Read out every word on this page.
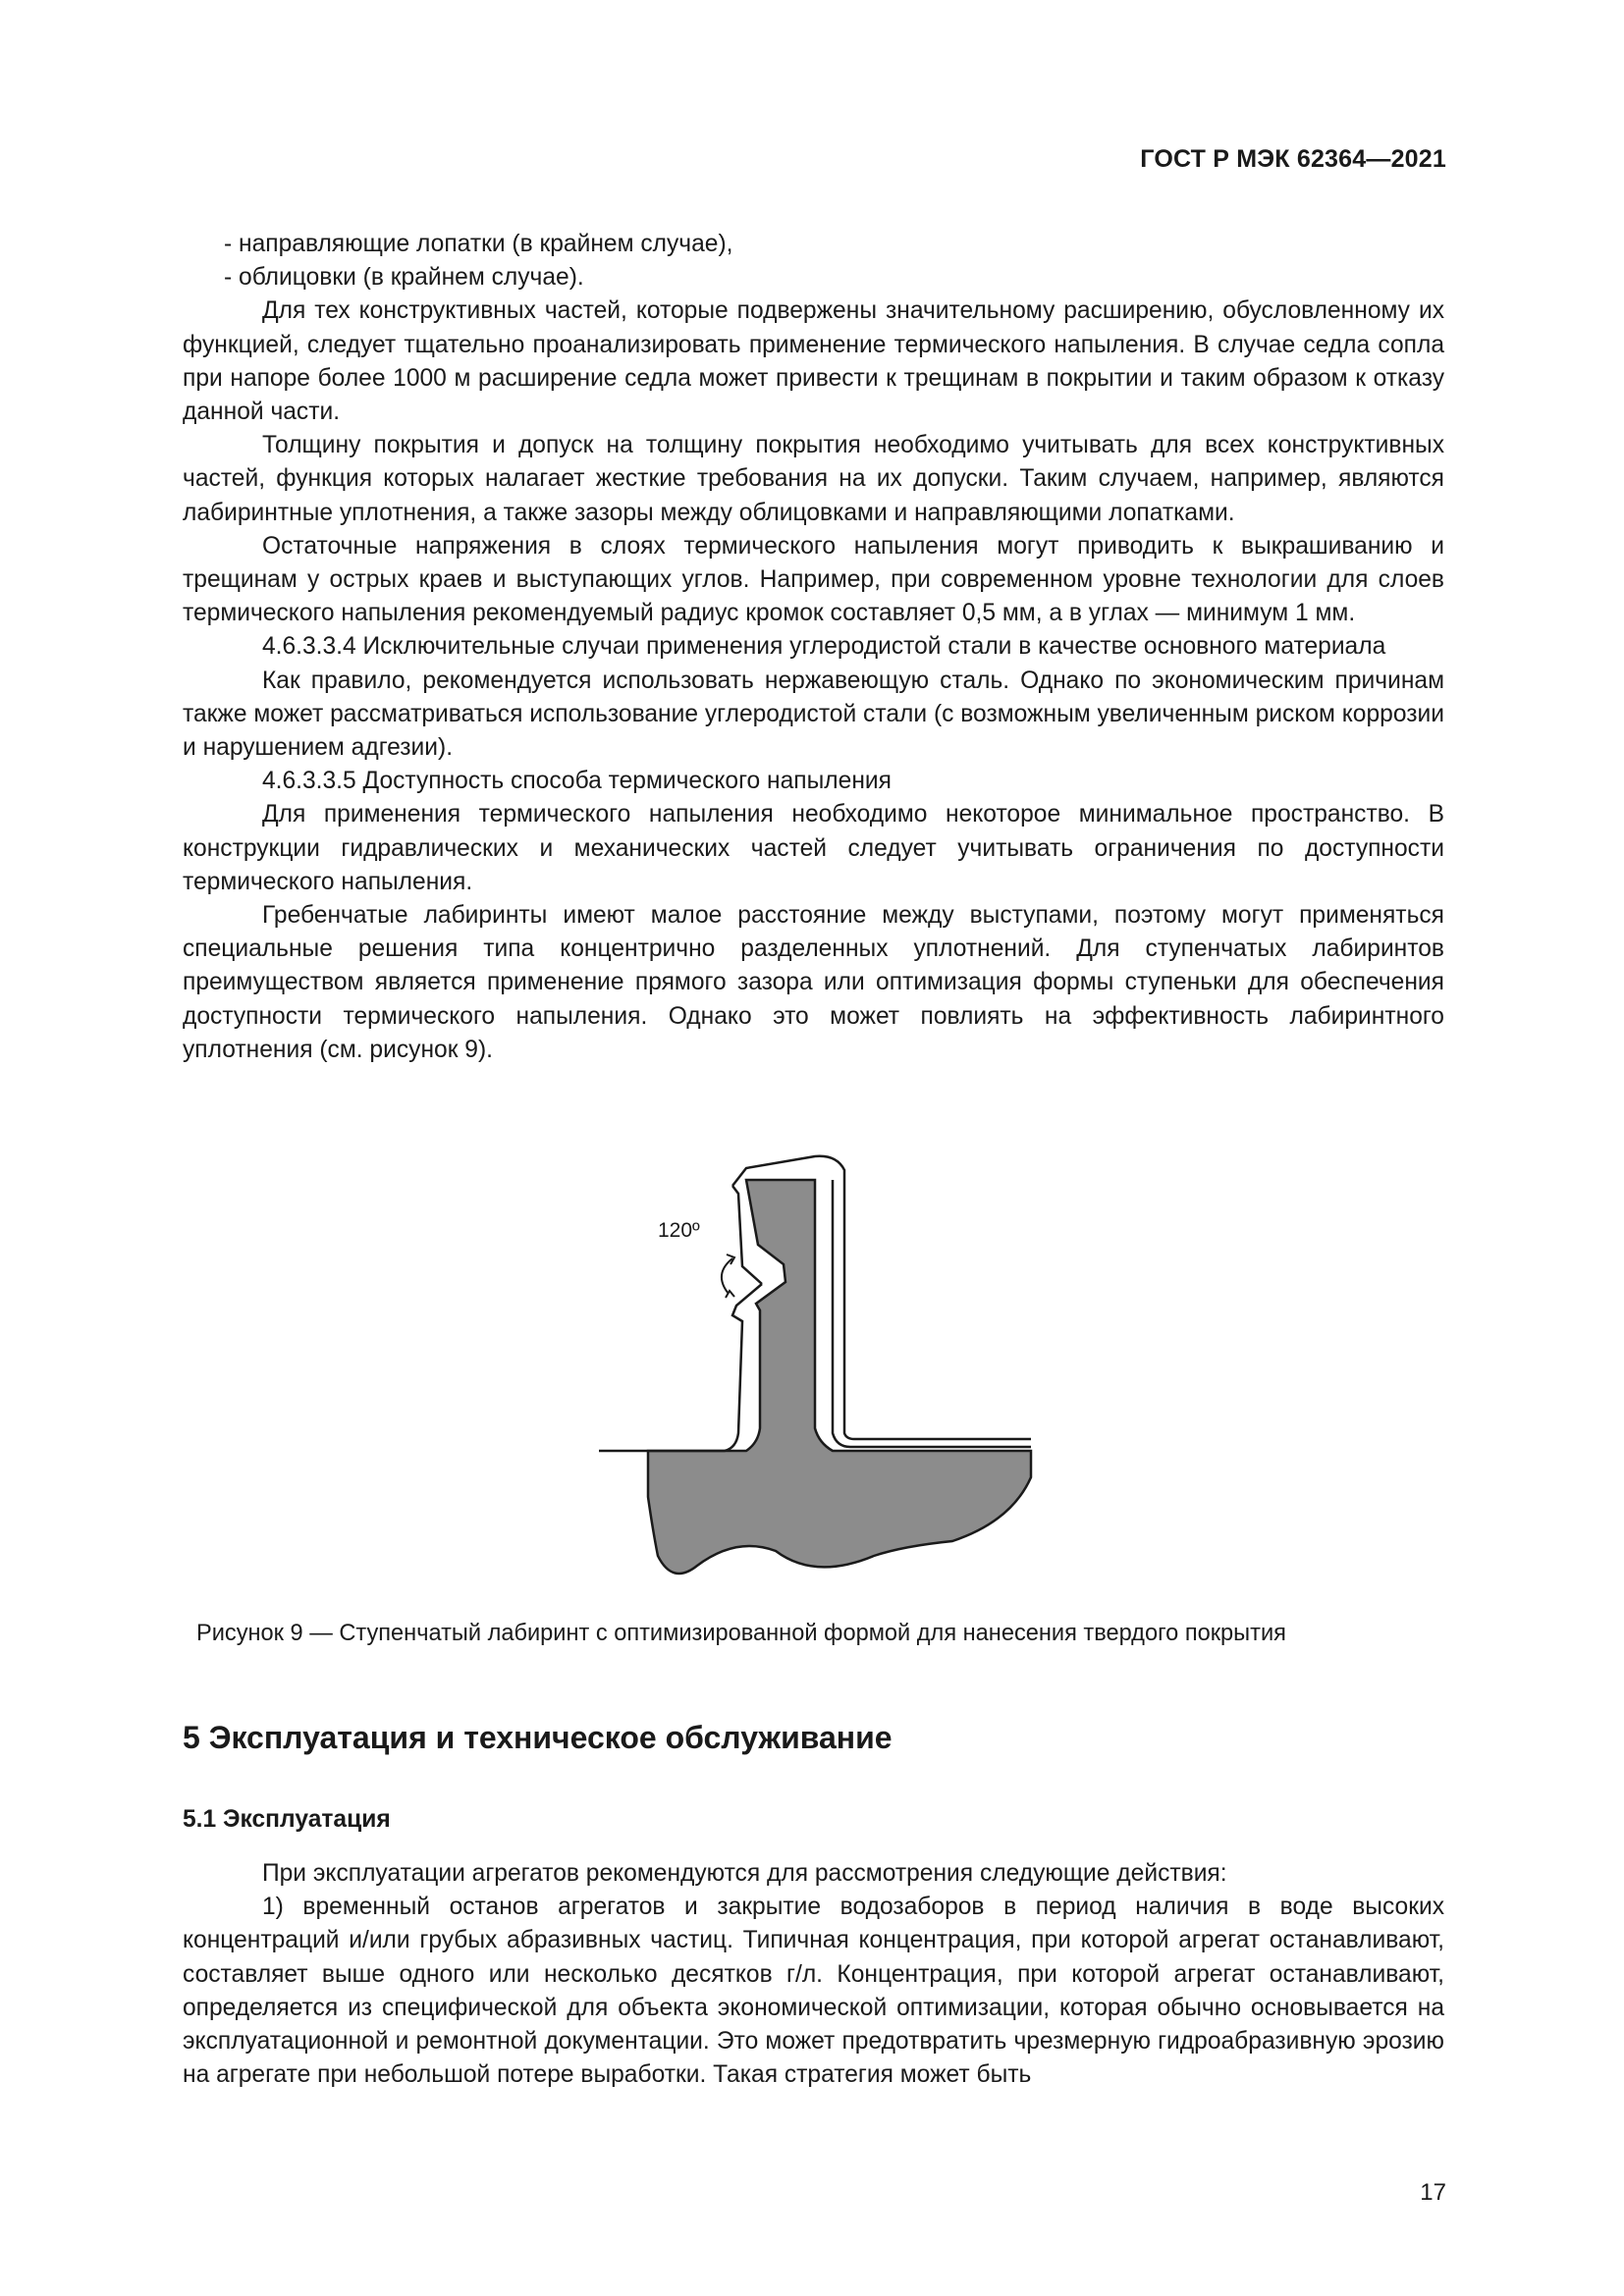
ГОСТ Р МЭК 62364—2021

- направляющие лопатки (в крайнем случае),

- облицовки (в крайнем случае).

Для тех конструктивных частей, которые подвержены значительному расширению, обусловленному их функцией, следует тщательно проанализировать применение термического напыления. В случае седла сопла при напоре более 1000 м расширение седла может привести к трещинам в покрытии и таким образом к отказу данной части.

Толщину покрытия и допуск на толщину покрытия необходимо учитывать для всех конструктивных частей, функция которых налагает жесткие требования на их допуски. Таким случаем, например, являются лабиринтные уплотнения, а также зазоры между облицовками и направляющими лопатками.

Остаточные напряжения в слоях термического напыления могут приводить к выкрашиванию и трещинам у острых краев и выступающих углов. Например, при современном уровне технологии для слоев термического напыления рекомендуемый радиус кромок составляет 0,5 мм, а в углах — минимум 1 мм.

4.6.3.3.4 Исключительные случаи применения углеродистой стали в качестве основного материала

Как правило, рекомендуется использовать нержавеющую сталь. Однако по экономическим причинам также может рассматриваться использование углеродистой стали (с возможным увеличенным риском коррозии и нарушением адгезии).

4.6.3.3.5 Доступность способа термического напыления

Для применения термического напыления необходимо некоторое минимальное пространство. В конструкции гидравлических и механических частей следует учитывать ограничения по доступности термического напыления.

Гребенчатые лабиринты имеют малое расстояние между выступами, поэтому могут применяться специальные решения типа концентрично разделенных уплотнений. Для ступенчатых лабиринтов преимуществом является применение прямого зазора или оптимизация формы ступеньки для обеспечения доступности термического напыления. Однако это может повлиять на эффективность лабиринтного уплотнения (см. рисунок 9).

120º
Рисунок 9 — Ступенчатый лабиринт с оптимизированной формой для нанесения твердого покрытия
5 Эксплуатация и техническое обслуживание
5.1 Эксплуатация

При эксплуатации агрегатов рекомендуются для рассмотрения следующие действия:

1) временный останов агрегатов и закрытие водозаборов в период наличия в воде высоких концентраций и/или грубых абразивных частиц. Типичная концентрация, при которой агрегат останавливают, составляет выше одного или несколько десятков г/л. Концентрация, при которой агрегат останавливают, определяется из специфической для объекта экономической оптимизации, которая обычно основывается на эксплуатационной и ремонтной документации. Это может предотвратить чрезмерную гидроабразивную эрозию на агрегате при небольшой потере выработки. Такая стратегия может быть

17
